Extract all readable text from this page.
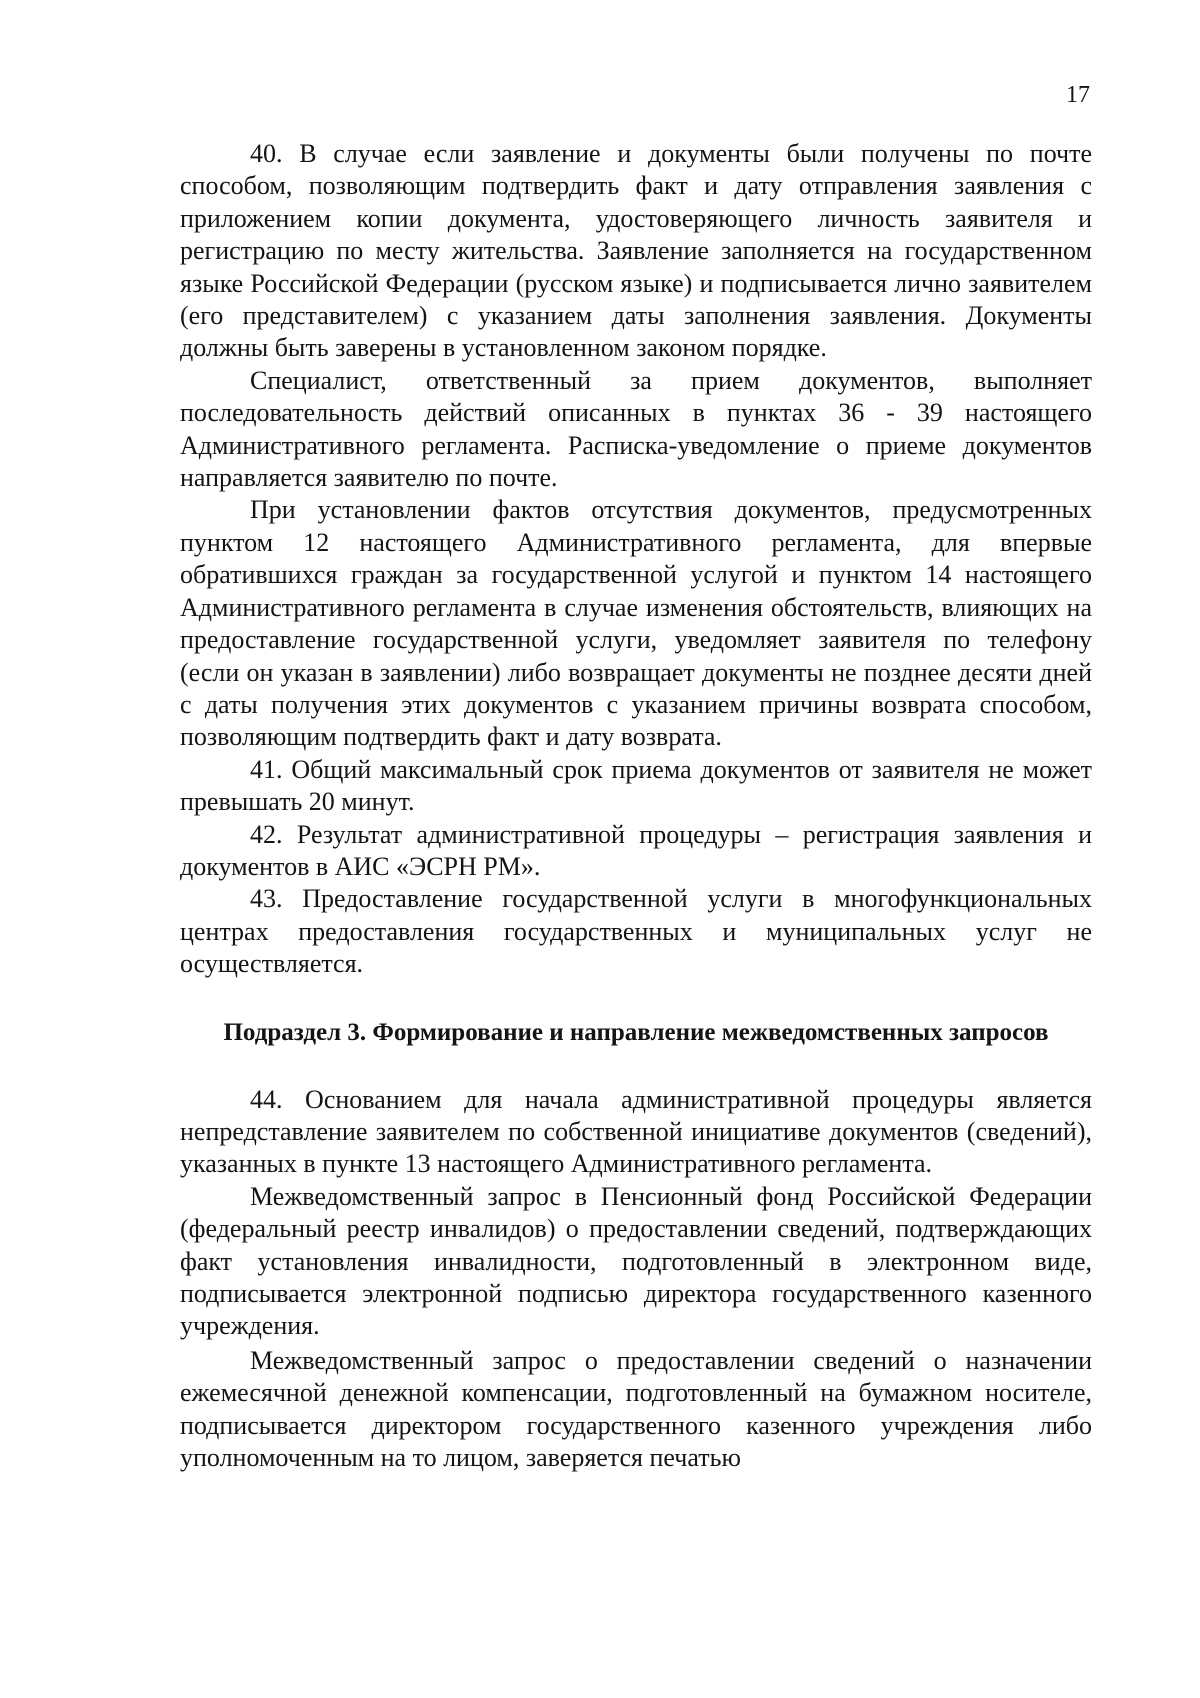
17

40. В случае если заявление и документы были получены по почте способом, позволяющим подтвердить факт и дату отправления заявления с приложением копии документа, удостоверяющего личность заявителя и регистрацию по месту жительства. Заявление заполняется на государственном языке Российской Федерации (русском языке) и подписывается лично заявителем (его представителем) с указанием даты заполнения заявления. Документы должны быть заверены в установленном законом порядке.

Специалист, ответственный за прием документов, выполняет последовательность действий описанных в пунктах 36 - 39 настоящего Административного регламента. Расписка-уведомление о приеме документов направляется заявителю по почте.

При установлении фактов отсутствия документов, предусмотренных пунктом 12 настоящего Административного регламента, для впервые обратившихся граждан за государственной услугой и пунктом 14 настоящего Административного регламента в случае изменения обстоятельств, влияющих на предоставление государственной услуги, уведомляет заявителя по телефону (если он указан в заявлении) либо возвращает документы не позднее десяти дней с даты получения этих документов с указанием причины возврата способом, позволяющим подтвердить факт и дату возврата.

41. Общий максимальный срок приема документов от заявителя не может превышать 20 минут.

42. Результат административной процедуры – регистрация заявления и документов в АИС «ЭСРН РМ».

43. Предоставление государственной услуги в многофункциональных центрах предоставления государственных и муниципальных услуг не осуществляется.

Подраздел 3. Формирование и направление межведомственных запросов

44. Основанием для начала административной процедуры является непредставление заявителем по собственной инициативе документов (сведений), указанных в пункте 13 настоящего Административного регламента.

Межведомственный запрос в Пенсионный фонд Российской Федерации (федеральный реестр инвалидов) о предоставлении сведений, подтверждающих факт установления инвалидности, подготовленный в электронном виде, подписывается электронной подписью директора государственного казенного учреждения.

Межведомственный запрос о предоставлении сведений о назначении ежемесячной денежной компенсации, подготовленный на бумажном носителе, подписывается директором государственного казенного учреждения либо уполномоченным на то лицом, заверяется печатью
